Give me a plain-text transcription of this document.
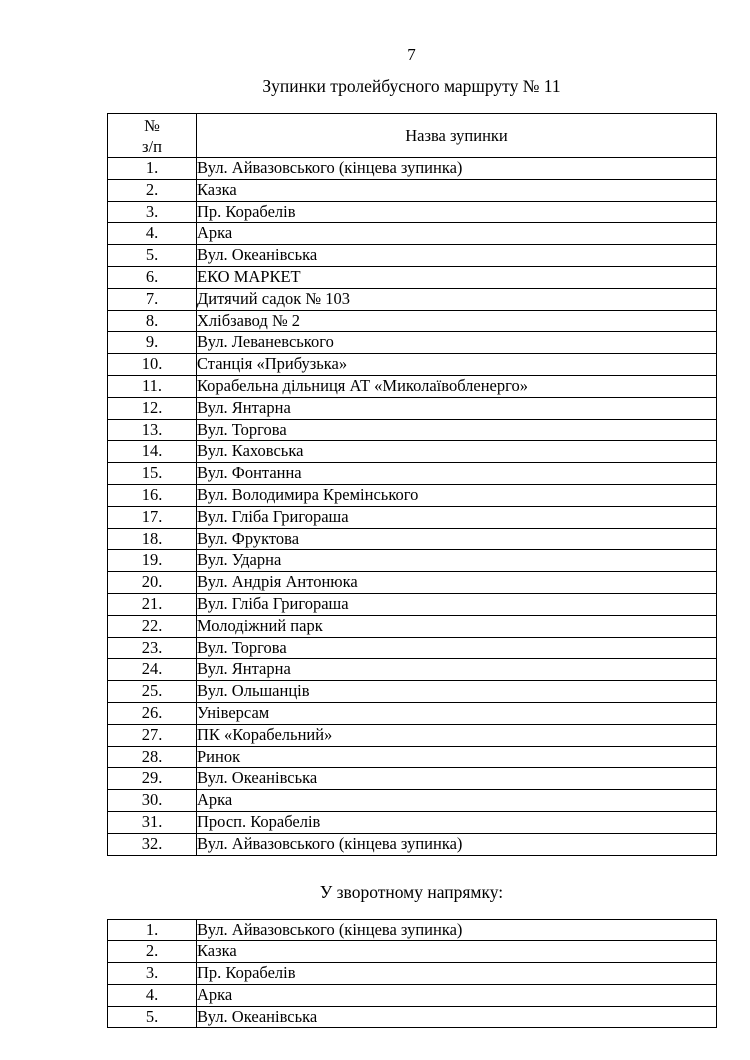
7
Зупинки тролейбусного маршруту № 11
№
з/п	Назва зупинки
1.	Вул. Айвазовського (кінцева зупинка)
2.	Казка
3.	Пр. Корабелів
4.	Арка
5.	Вул. Океанівська
6.	ЕКО МАРКЕТ
7.	Дитячий садок № 103
8.	Хлібзавод № 2
9.	Вул. Леваневського
10.	Станція «Прибузька»
11.	Корабельна дільниця АТ «Миколаївобленерго»
12.	Вул. Янтарна
13.	Вул. Торгова
14.	Вул. Каховська
15.	Вул. Фонтанна
16.	Вул. Володимира Кремінського
17.	Вул. Гліба Григораша
18.	Вул. Фруктова
19.	Вул. Ударна
20.	Вул. Андрія Антонюка
21.	Вул. Гліба Григораша
22.	Молодіжний парк
23.	Вул. Торгова
24.	Вул. Янтарна
25.	Вул. Ольшанців
26.	Універсам
27.	ПК «Корабельний»
28.	Ринок
29.	Вул. Океанівська
30.	Арка
31.	Просп. Корабелів
32.	Вул. Айвазовського (кінцева зупинка)
У зворотному напрямку:
1.	Вул. Айвазовського (кінцева зупинка)
2.	Казка
3.	Пр. Корабелів
4.	Арка
5.	Вул. Океанівська
